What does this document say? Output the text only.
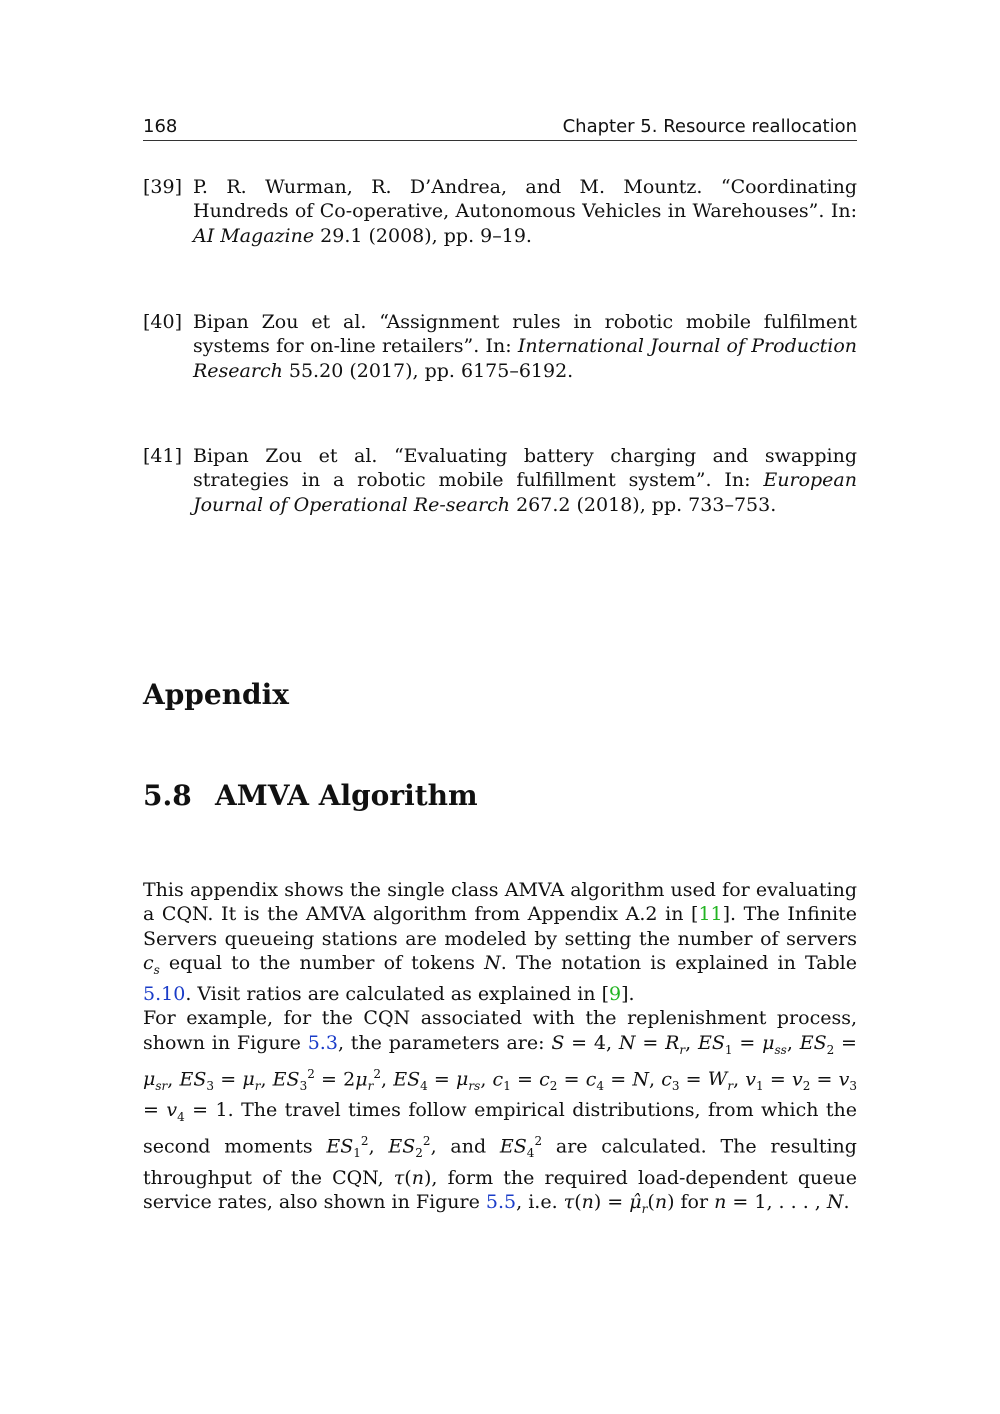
168	Chapter 5. Resource reallocation
[39] P. R. Wurman, R. D’Andrea, and M. Mountz. “Coordinating Hundreds of Co-operative, Autonomous Vehicles in Warehouses”. In: AI Magazine 29.1 (2008), pp. 9–19.
[40] Bipan Zou et al. “Assignment rules in robotic mobile fulfilment systems for on-line retailers”. In: International Journal of Production Research 55.20 (2017), pp. 6175–6192.
[41] Bipan Zou et al. “Evaluating battery charging and swapping strategies in a robotic mobile fulfillment system”. In: European Journal of Operational Re-search 267.2 (2018), pp. 733–753.
Appendix
5.8 AMVA Algorithm

This appendix shows the single class AMVA algorithm used for evaluating a CQN. It is the AMVA algorithm from Appendix A.2 in [11]. The Infinite Servers queueing stations are modeled by setting the number of servers $c_s$ equal to the number of tokens N. The notation is explained in Table 5.10. Visit ratios are calculated as explained in [9].

For example, for the CQN associated with the replenishment process, shown in Figure 5.3, the parameters are: S = 4, $N = R_r$, $ES_1 = \mu_{ss}$, $ES_2 = \mu_{sr}$, $ES_3 = \mu_r$, $ES_3^2 = 2\mu_r^2$, $ES_4 = \mu_{rs}$, $c_1 = c_2 = c_4 = N$, $c_3 = W_r$, $v_1 = v_2 = v_3 = v_4 = 1$. The travel times follow empirical distributions, from which the second moments $ES_1^2$, $ES_2^2$, and $ES_4^2$ are calculated. The resulting throughput of the CQN, τ(n), form the required load-dependent queue service rates, also shown in Figure 5.5, i.e. $\tau(n) = \mû_r(n)$ for n = 1, . . . , N.
